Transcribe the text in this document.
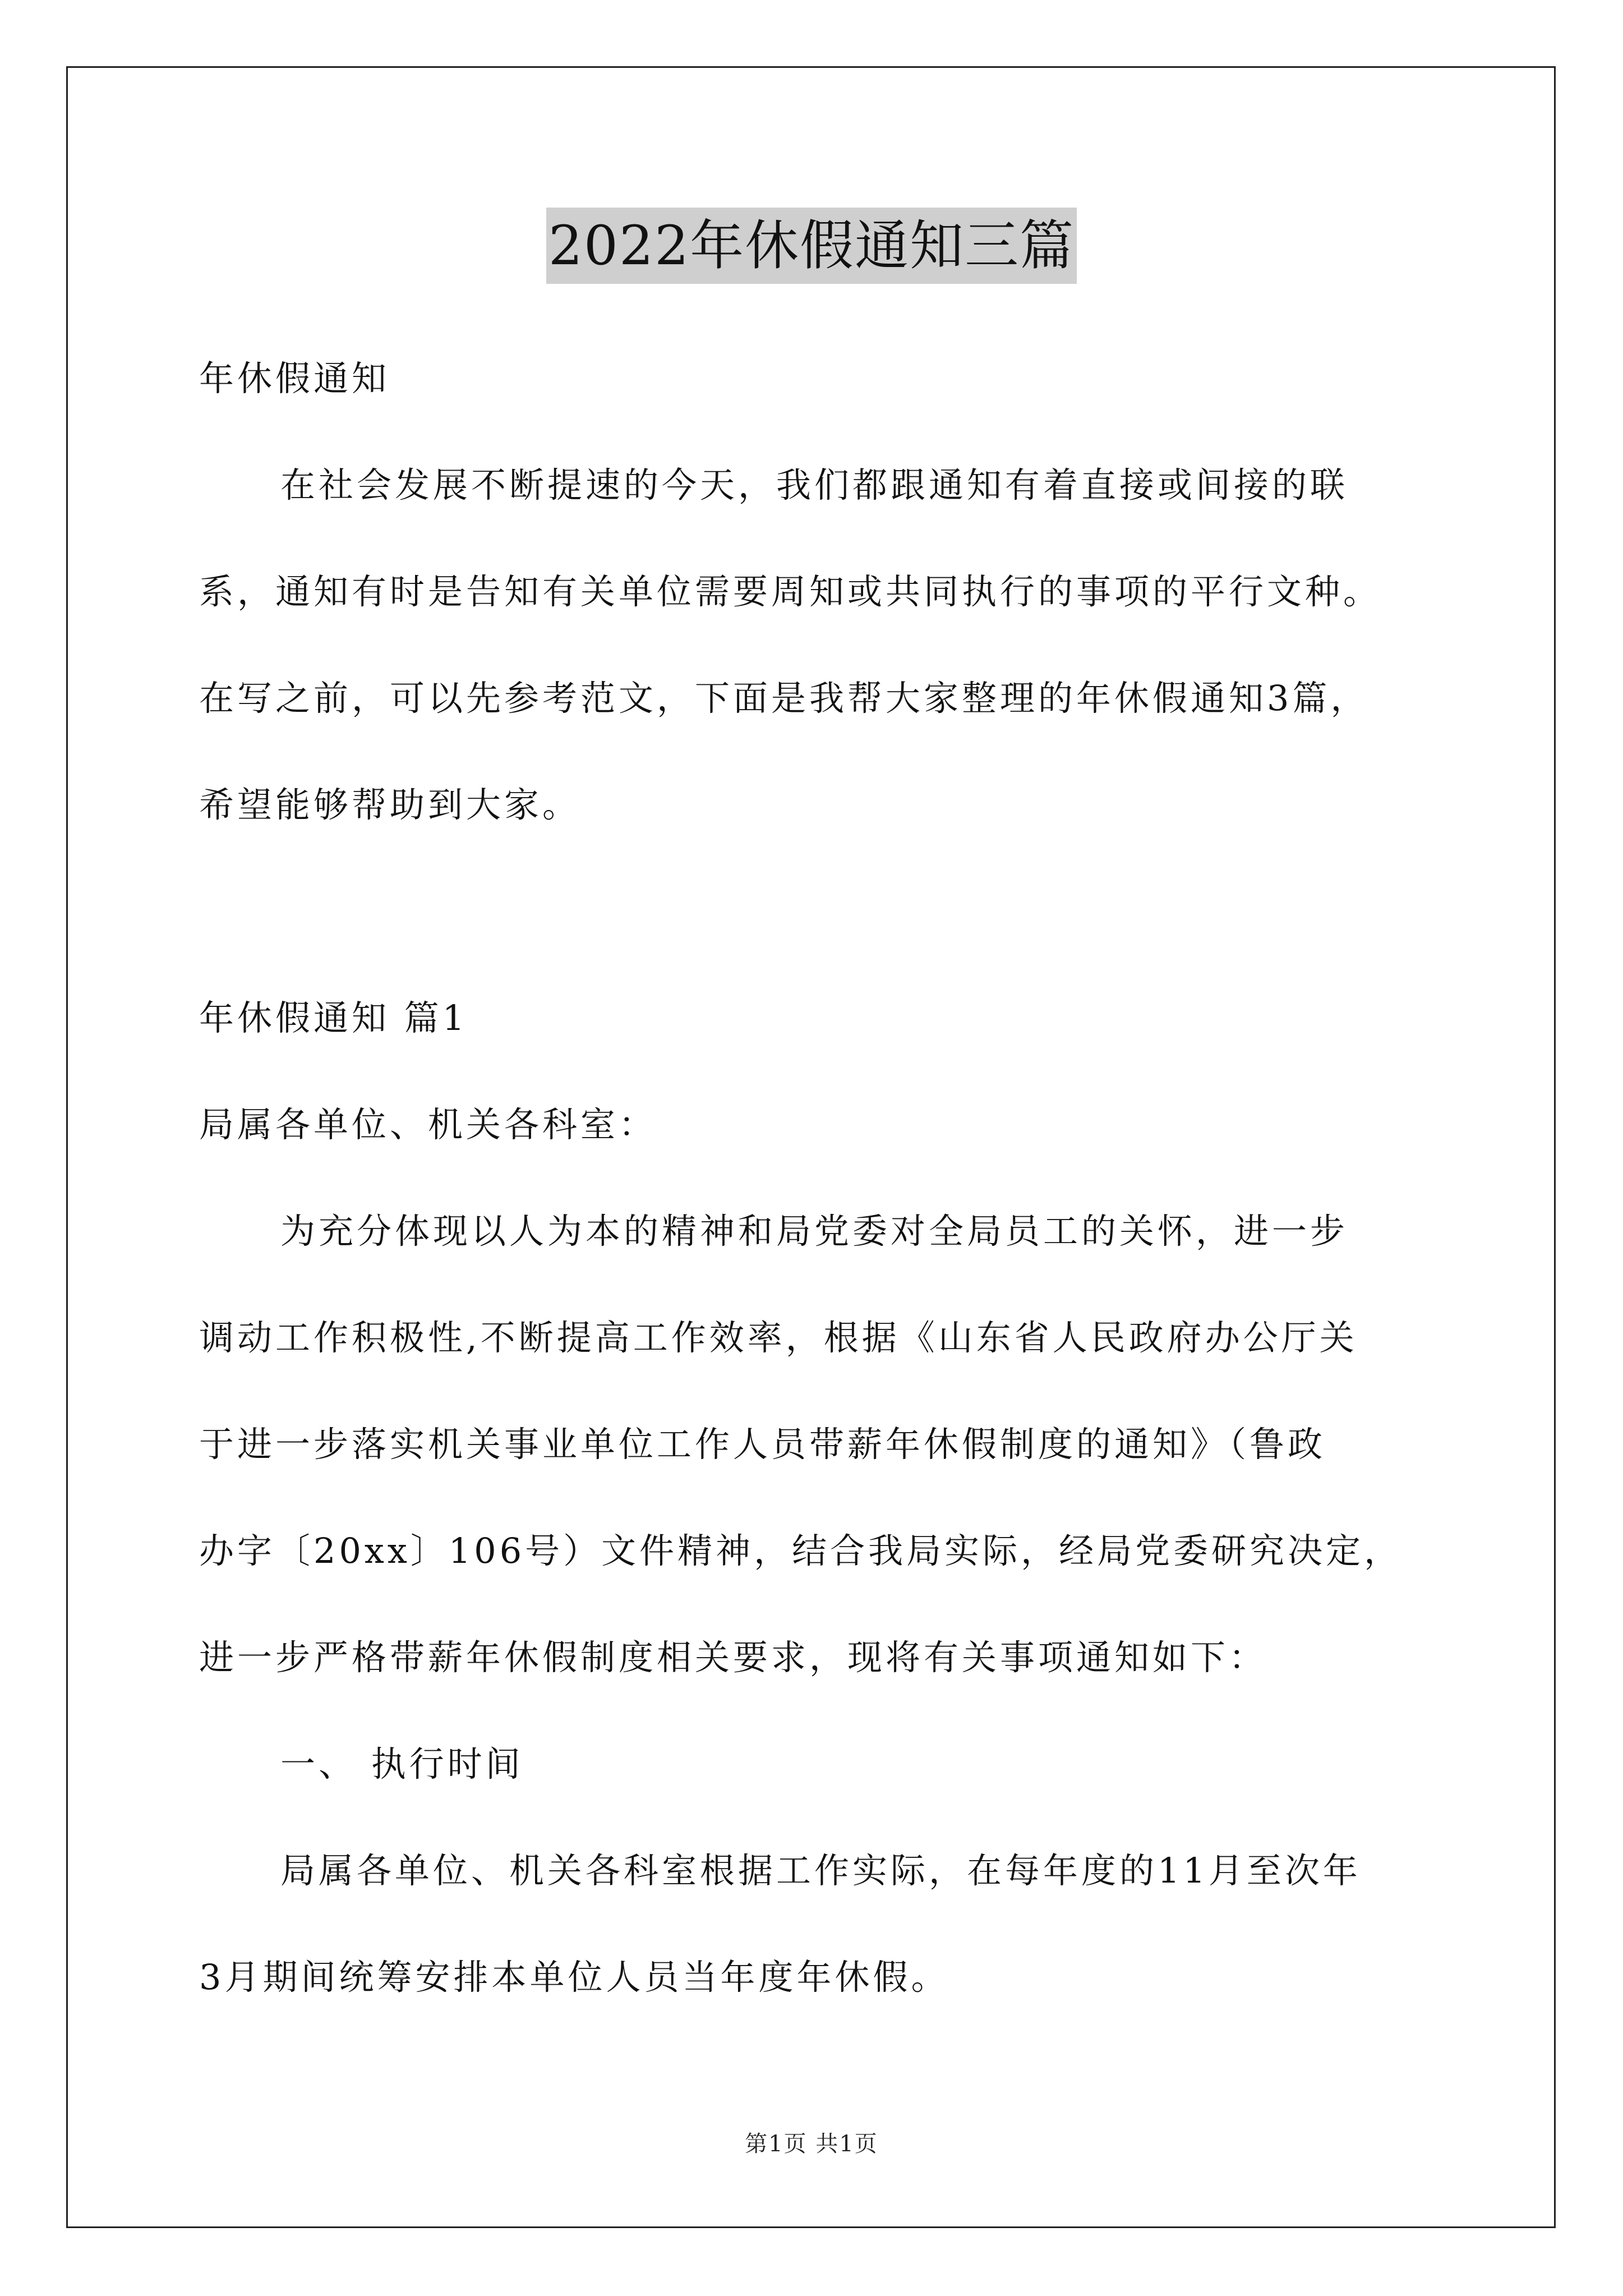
2022年休假通知三篇
年休假通知
在社会发展不断提速的今天，我们都跟通知有着直接或间接的联
系，通知有时是告知有关单位需要周知或共同执行的事项的平行文种。
在写之前，可以先参考范文，下面是我帮大家整理的年休假通知3篇，
希望能够帮助到大家。
年休假通知 篇1
局属各单位、机关各科室：
为充分体现以人为本的精神和局党委对全局员工的关怀，进一步
调动工作积极性,不断提高工作效率，根据《山东省人民政府办公厅关
于进一步落实机关事业单位工作人员带薪年休假制度的通知》（鲁政
办字〔20xx〕106号）文件精神，结合我局实际，经局党委研究决定，
进一步严格带薪年休假制度相关要求，现将有关事项通知如下：
一、 执行时间
局属各单位、机关各科室根据工作实际，在每年度的11月至次年
3月期间统筹安排本单位人员当年度年休假。
第1页 共1页
